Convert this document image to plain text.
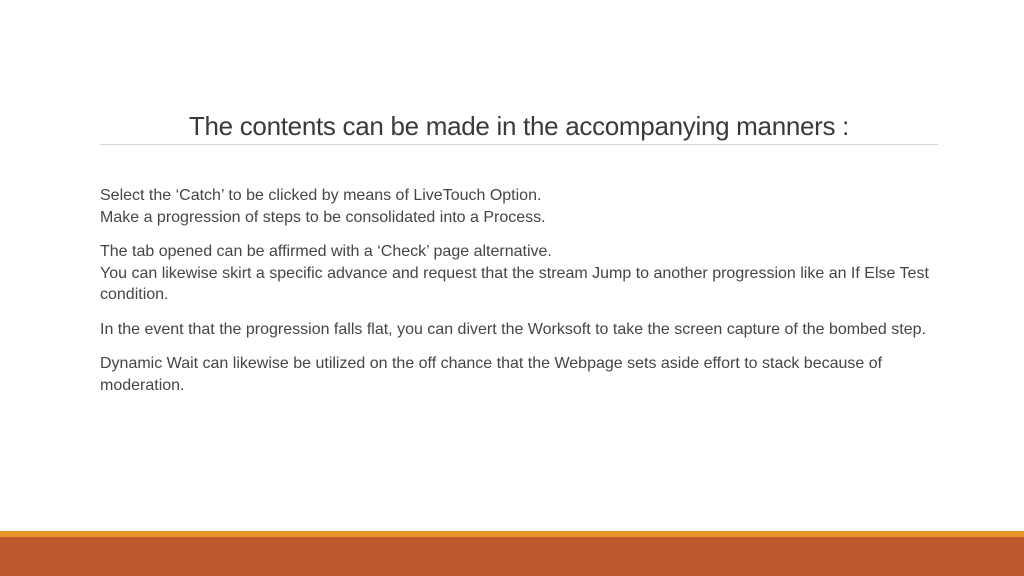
The contents can be made in the accompanying manners :

Select the ‘Catch’ to be clicked by means of LiveTouch Option.
Make a progression of steps to be consolidated into a Process.

The tab opened can be affirmed with a ‘Check’ page alternative.
You can likewise skirt a specific advance and request that the stream Jump to another progression like an If Else Test condition.

In the event that the progression falls flat, you can divert the Worksoft to take the screen capture of the bombed step.

Dynamic Wait can likewise be utilized on the off chance that the Webpage sets aside effort to stack because of moderation.
